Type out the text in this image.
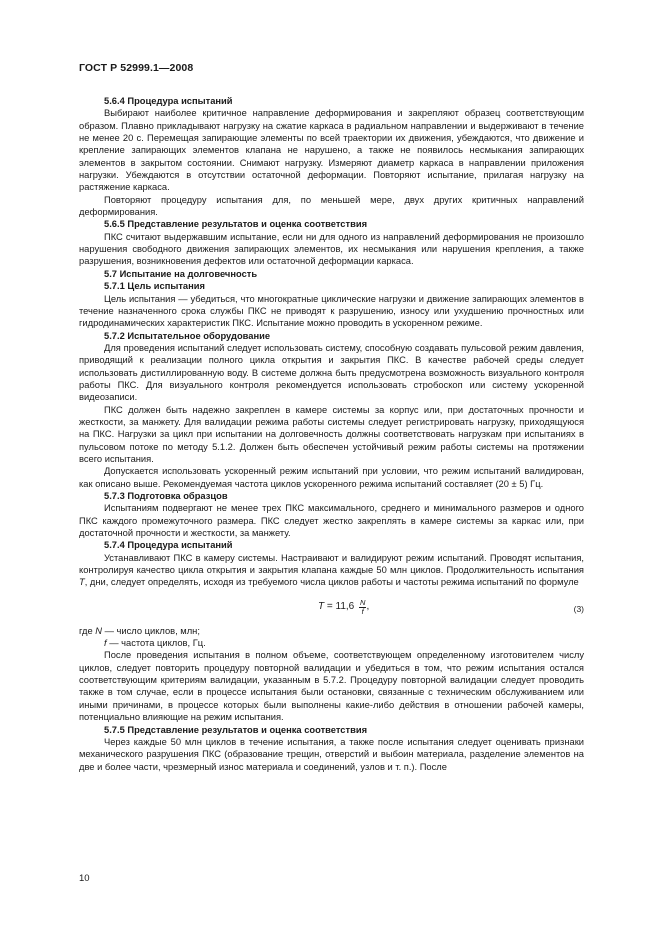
ГОСТ Р 52999.1—2008

5.6.4 Процедура испытаний

Выбирают наиболее критичное направление деформирования и закрепляют образец соответствующим образом. Плавно прикладывают нагрузку на сжатие каркаса в радиальном направлении и выдерживают в течение не менее 20 с. Перемещая запирающие элементы по всей траектории их движения, убеждаются, что движение и крепление запирающих элементов клапана не нарушено, а также не появилось несмыкания запирающих элементов в закрытом состоянии. Снимают нагрузку. Измеряют диаметр каркаса в направлении приложения нагрузки. Убеждаются в отсутствии остаточной деформации. Повторяют испытание, прилагая нагрузку на растяжение каркаса.

Повторяют процедуру испытания для, по меньшей мере, двух других критичных направлений деформирования.

5.6.5 Представление результатов и оценка соответствия

ПКС считают выдержавшим испытание, если ни для одного из направлений деформирования не произошло нарушения свободного движения запирающих элементов, их несмыкания или нарушения крепления, а также разрушения, возникновения дефектов или остаточной деформации каркаса.

5.7 Испытание на долговечность

5.7.1 Цель испытания

Цель испытания — убедиться, что многократные циклические нагрузки и движение запирающих элементов в течение назначенного срока службы ПКС не приводят к разрушению, износу или ухудшению прочностных или гидродинамических характеристик ПКС. Испытание можно проводить в ускоренном режиме.

5.7.2 Испытательное оборудование

Для проведения испытаний следует использовать систему, способную создавать пульсовой режим давления, приводящий к реализации полного цикла открытия и закрытия ПКС. В качестве рабочей среды следует использовать дистиллированную воду. В системе должна быть предусмотрена возможность визуального контроля работы ПКС. Для визуального контроля рекомендуется использовать стробоскоп или систему ускоренной видеозаписи.

ПКС должен быть надежно закреплен в камере системы за корпус или, при достаточных прочности и жесткости, за манжету. Для валидации режима работы системы следует регистрировать нагрузку, приходящуюся на ПКС. Нагрузки за цикл при испытании на долговечность должны соответствовать нагрузкам при испытаниях в пульсовом потоке по методу 5.1.2. Должен быть обеспечен устойчивый режим работы системы на протяжении всего испытания.

Допускается использовать ускоренный режим испытаний при условии, что режим испытаний валидирован, как описано выше. Рекомендуемая частота циклов ускоренного режима испытаний составляет (20 ± 5) Гц.

5.7.3 Подготовка образцов

Испытаниям подвергают не менее трех ПКС максимального, среднего и минимального размеров и одного ПКС каждого промежуточного размера. ПКС следует жестко закреплять в камере системы за каркас или, при достаточной прочности и жесткости, за манжету.

5.7.4 Процедура испытаний

Устанавливают ПКС в камеру системы. Настраивают и валидируют режим испытаний. Проводят испытания, контролируя качество цикла открытия и закрытия клапана каждые 50 млн циклов. Продолжительность испытания Т, дни, следует определять, исходя из требуемого числа циклов работы и частоты режима испытаний по формуле

$T = 11,6 \frac{N}{f}$ ,	(3)

где N — число циклов, млн;

f — частота циклов, Гц.

После проведения испытания в полном объеме, соответствующем определенному изготовителем числу циклов, следует повторить процедуру повторной валидации и убедиться в том, что режим испытания остался соответствующим критериям валидации, указанным в 5.7.2. Процедуру повторной валидации следует проводить также в том случае, если в процессе испытания были остановки, связанные с техническим обслуживанием или иными причинами, в процессе которых были выполнены какие-либо действия в отношении рабочей камеры, потенциально влияющие на режим испытания.

5.7.5 Представление результатов и оценка соответствия

Через каждые 50 млн циклов в течение испытания, а также после испытания следует оценивать признаки механического разрушения ПКС (образование трещин, отверстий и выбоин материала, разделение элементов на две и более части, чрезмерный износ материала и соединений, узлов и т. п.). После

10
